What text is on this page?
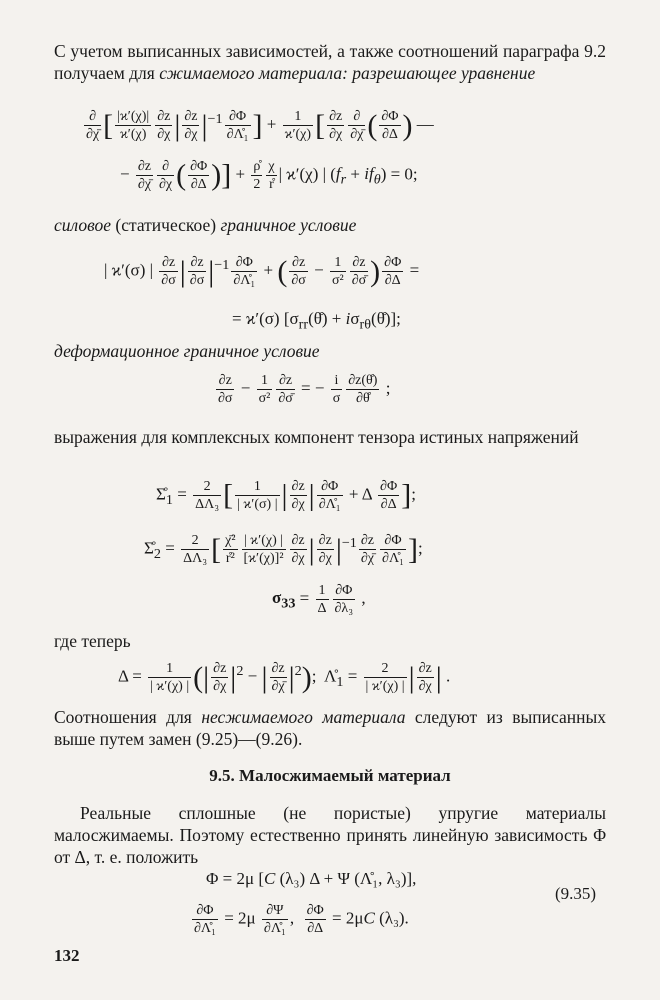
С учетом выписанных зависимостей, а также соотношений параграфа 9.2 получаем для сжимаемого материала: разрешающее уравнение
$\frac{\partial}{\partial\chī}$ [ $\frac{|ϰ'(\chi)|}{ϰ'(\chi)} \frac{\partial z}{\partial\chi}$ | $\frac{\partial z}{\partial\chi} |^{-1} \frac{\partial\Phi}{\text{∂Λ̊₁}}$ ] + $\frac{1}{ϰ'(\chi)}$ [ $\frac{\partial z}{\partial\chi} \frac{\partial}{\partial\chī}$ ( $\frac{\partial\Phi}{\partial\Delta}$ ) —
− $\frac{\partial z}{\partial\chī} \frac{\partial}{\partial\chi}$ ( $\frac{\partial\Phi}{\partial\Delta}$ )] + $\frac{\rho̊}{2} \frac{\chi}{r̊}$ | ϰ′(χ) | $(f_r + if_\theta) = 0$;
силовое (статическое) граничное условие
| ϰ′(σ) | $\frac{\partial z}{\partial\sigma}$ | $\frac{\partial z}{\partial\sigma} |^{-1} \frac{\partial\Phi}{\text{∂Λ̊₁}}$ + ( $\frac{\partial z}{\partial\sigma} - \frac{1}{\text{σ²}} \frac{\partial z}{\partial\sigmā}$ ) $\frac{\partial\Phi}{\partial\Delta}$ =
= ϰ′(σ) [$\sigma_{rr}(\thetå)$ + $i\sigma_{r\theta}(\thetå)$];
деформационное граничное условие
$\frac{\partial z}{\partial\sigma} - \frac{1}{\text{σ²}} \frac{\partial z}{\partial\sigmā}$ = − $\frac{i}{\sigma} \frac{\partial z(\thetå)}{\partial\thetå}$ ;
выражения для комплексных компонент тензора истиных напряжений
$\Sigmå_1 = \frac{2}{\text{ΔΛ₃}}$ [ $\frac{1}{| ϰ'(\sigma) |}$ | $\frac{\partial z}{\partial\chi}$ | $\frac{\partial\Phi}{\text{∂Λ̊₁}} + \Delta \frac{\partial\Phi}{\partial\Delta}$ ];
$\Sigmå_2 = \frac{2}{\text{ΔΛ₃}}$ [ $\frac{\text{χ̄²}}{\text{r̊²}} \frac{| ϰ'(\chi) |}{\text{[ϰ′(χ)]²}} \frac{\partial z}{\partial\chi}$ | $\frac{\partial z}{\partial\chi} |^{-1} \frac{\partial z}{\partial\chī} \frac{\partial\Phi}{\text{∂Λ̊₁}}$ ];
$\sigma_{33} = \frac{1}{\Delta} \frac{\partial\Phi}{\text{∂λ₃}}$ ,
где теперь
$\Delta = \frac{1}{| ϰ'(\chi) |}$ (| $\frac{\partial z}{\partial\chi} |^2$ − | $\frac{\partial z}{\partial\chī} |^2$);  $\Lambdå_1 = \frac{2}{| ϰ'(\chi) |}$ | $\frac{\partial z}{\partial\chi}$ | .
Соотношения для несжимаемого материала следуют из выписанных выше путем замен (9.25)—(9.26).
9.5. Малосжимаемый материал
Реальные сплошные (не пористые) упругие материалы малосжимаемы. Поэтому естественно принять линейную зависимость Φ от Δ, т. е. положить
Φ = 2μ [C (λ₃) Δ + Ψ (Λ̊₁, λ₃)],
$\frac{\partial\Phi}{\text{∂Λ̊₁}} = 2\mu \frac{\partial\Psi}{\text{∂Λ̊₁}}$ , $\frac{\partial\Phi}{\partial\Delta} = 2\mu C$ (λ₃).
(9.35)
132
